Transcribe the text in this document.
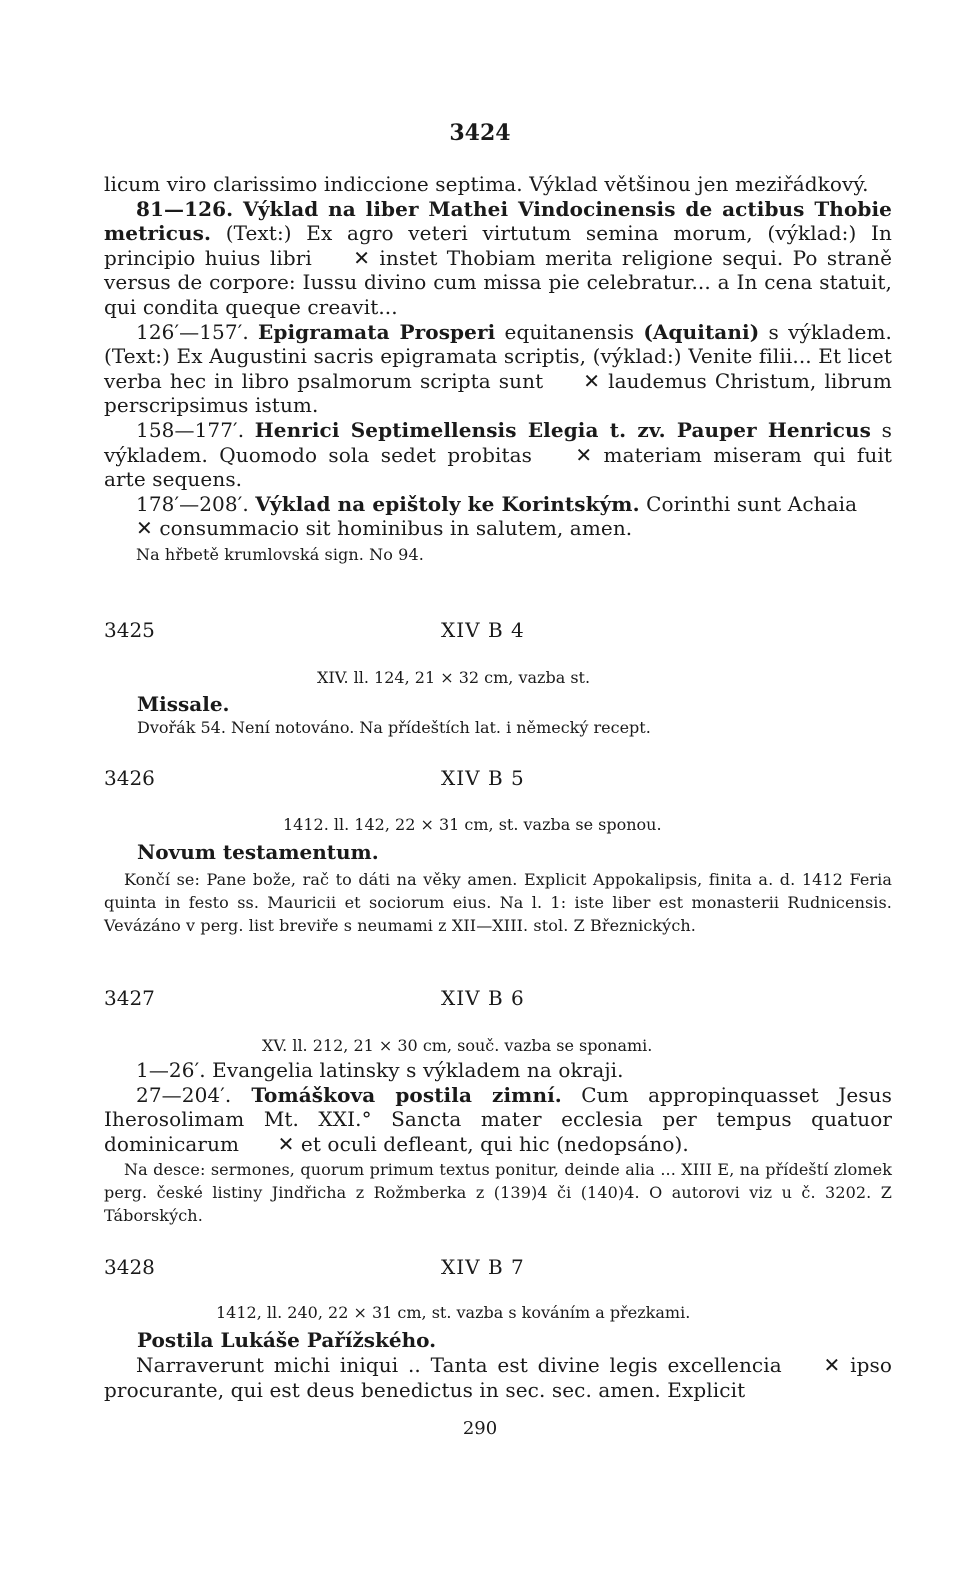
3424

licum viro clarissimo indiccione septima. Výklad většinou jen meziřádkový.

81—126. Výklad na liber Mathei Vindocinensis de actibus Thobie metricus. (Text:) Ex agro veteri virtutum semina morum, (výklad:) In principio huius libri ✕ instet Thobiam merita religione sequi. Po straně versus de corpore: Iussu divino cum missa pie celebratur... a In cena statuit, qui condita queque creavit...

126′—157′. Epigramata Prosperi equitanensis (Aquitani) s výkladem. (Text:) Ex Augustini sacris epigramata scriptis, (výklad:) Venite filii... Et licet verba hec in libro psalmorum scripta sunt ✕ laudemus Christum, librum perscripsimus istum.

158—177′. Henrici Septimellensis Elegia t. zv. Pauper Henricus s výkladem. Quomodo sola sedet probitas ✕ materiam miseram qui fuit arte sequens.

178′—208′. Výklad na epištoly ke Korintským. Corinthi sunt Achaia
✕ consummacio sit hominibus in salutem, amen.

Na hřbetě krumlovská sign. No 94.

3425	XIV B 4
XIV. ll. 124, 21 × 32 cm, vazba st.
Missale.
Dvořák 54. Není notováno. Na přídeštích lat. i německý recept.
3426	XIV B 5
1412. ll. 142, 22 × 31 cm, st. vazba se sponou.
Novum testamentum.

Končí se: Pane bože, rač to dáti na věky amen. Explicit Appokalipsis, finita a. d. 1412 Feria quinta in festo ss. Mauricii et sociorum eius. Na l. 1: iste liber est monasterii Rudnicensis. Vevázáno v perg. list breviře s neumami z XII—XIII. stol. Z Březnických.

3427	XIV B 6
XV. ll. 212, 21 × 30 cm, souč. vazba se sponami.

1—26′. Evangelia latinsky s výkladem na okraji.

27—204′. Tomáškova postila zimní. Cum appropinquasset Jesus Iherosolimam Mt. XXI.° Sancta mater ecclesia per tempus quatuor dominicarum ✕ et oculi defleant, qui hic (nedopsáno).

Na desce: sermones, quorum primum textus ponitur, deinde alia ... XIII E, na přídeští zlomek perg. české listiny Jindřicha z Rožmberka z (139)4 či (140)4. O autorovi viz u č. 3202. Z Táborských.

3428	XIV B 7
1412, ll. 240, 22 × 31 cm, st. vazba s kováním a přezkami.
Postila Lukáše Pařížského.

Narraverunt michi iniqui .. Tanta est divine legis excellencia ✕ ipso procurante, qui est deus benedictus in sec. sec. amen. Explicit

290
